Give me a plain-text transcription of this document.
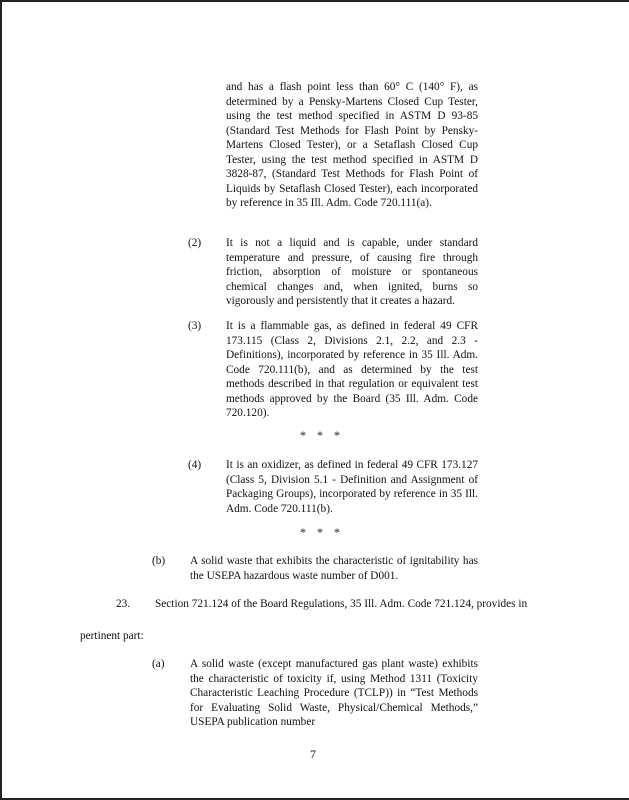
and has a flash point less than 60° C (140° F), as determined by a Pensky-Martens Closed Cup Tester, using the test method specified in ASTM D 93-85 (Standard Test Methods for Flash Point by Pensky-Martens Closed Tester), or a Setaflash Closed Cup Tester, using the test method specified in ASTM D 3828-87, (Standard Test Methods for Flash Point of Liquids by Setaflash Closed Tester), each incorporated by reference in 35 Ill. Adm. Code 720.111(a).

(2) It is not a liquid and is capable, under standard temperature and pressure, of causing fire through friction, absorption of moisture or spontaneous chemical changes and, when ignited, burns so vigorously and persistently that it creates a hazard.

(3) It is a flammable gas, as defined in federal 49 CFR 173.115 (Class 2, Divisions 2.1, 2.2, and 2.3 - Definitions), incorporated by reference in 35 Ill. Adm. Code 720.111(b), and as determined by the test methods described in that regulation or equivalent test methods approved by the Board (35 Ill. Adm. Code 720.120).

* * *
(4) It is an oxidizer, as defined in federal 49 CFR 173.127 (Class 5, Division 5.1 - Definition and Assignment of Packaging Groups), incorporated by reference in 35 Ill. Adm. Code 720.111(b).

* * *
(b) A solid waste that exhibits the characteristic of ignitability has the USEPA hazardous waste number of D001.

23. Section 721.124 of the Board Regulations, 35 Ill. Adm. Code 721.124, provides in
pertinent part:
(a) A solid waste (except manufactured gas plant waste) exhibits the characteristic of toxicity if, using Method 1311 (Toxicity Characteristic Leaching Procedure (TCLP)) in “Test Methods for Evaluating Solid Waste, Physical/Chemical Methods,” USEPA publication number

7
